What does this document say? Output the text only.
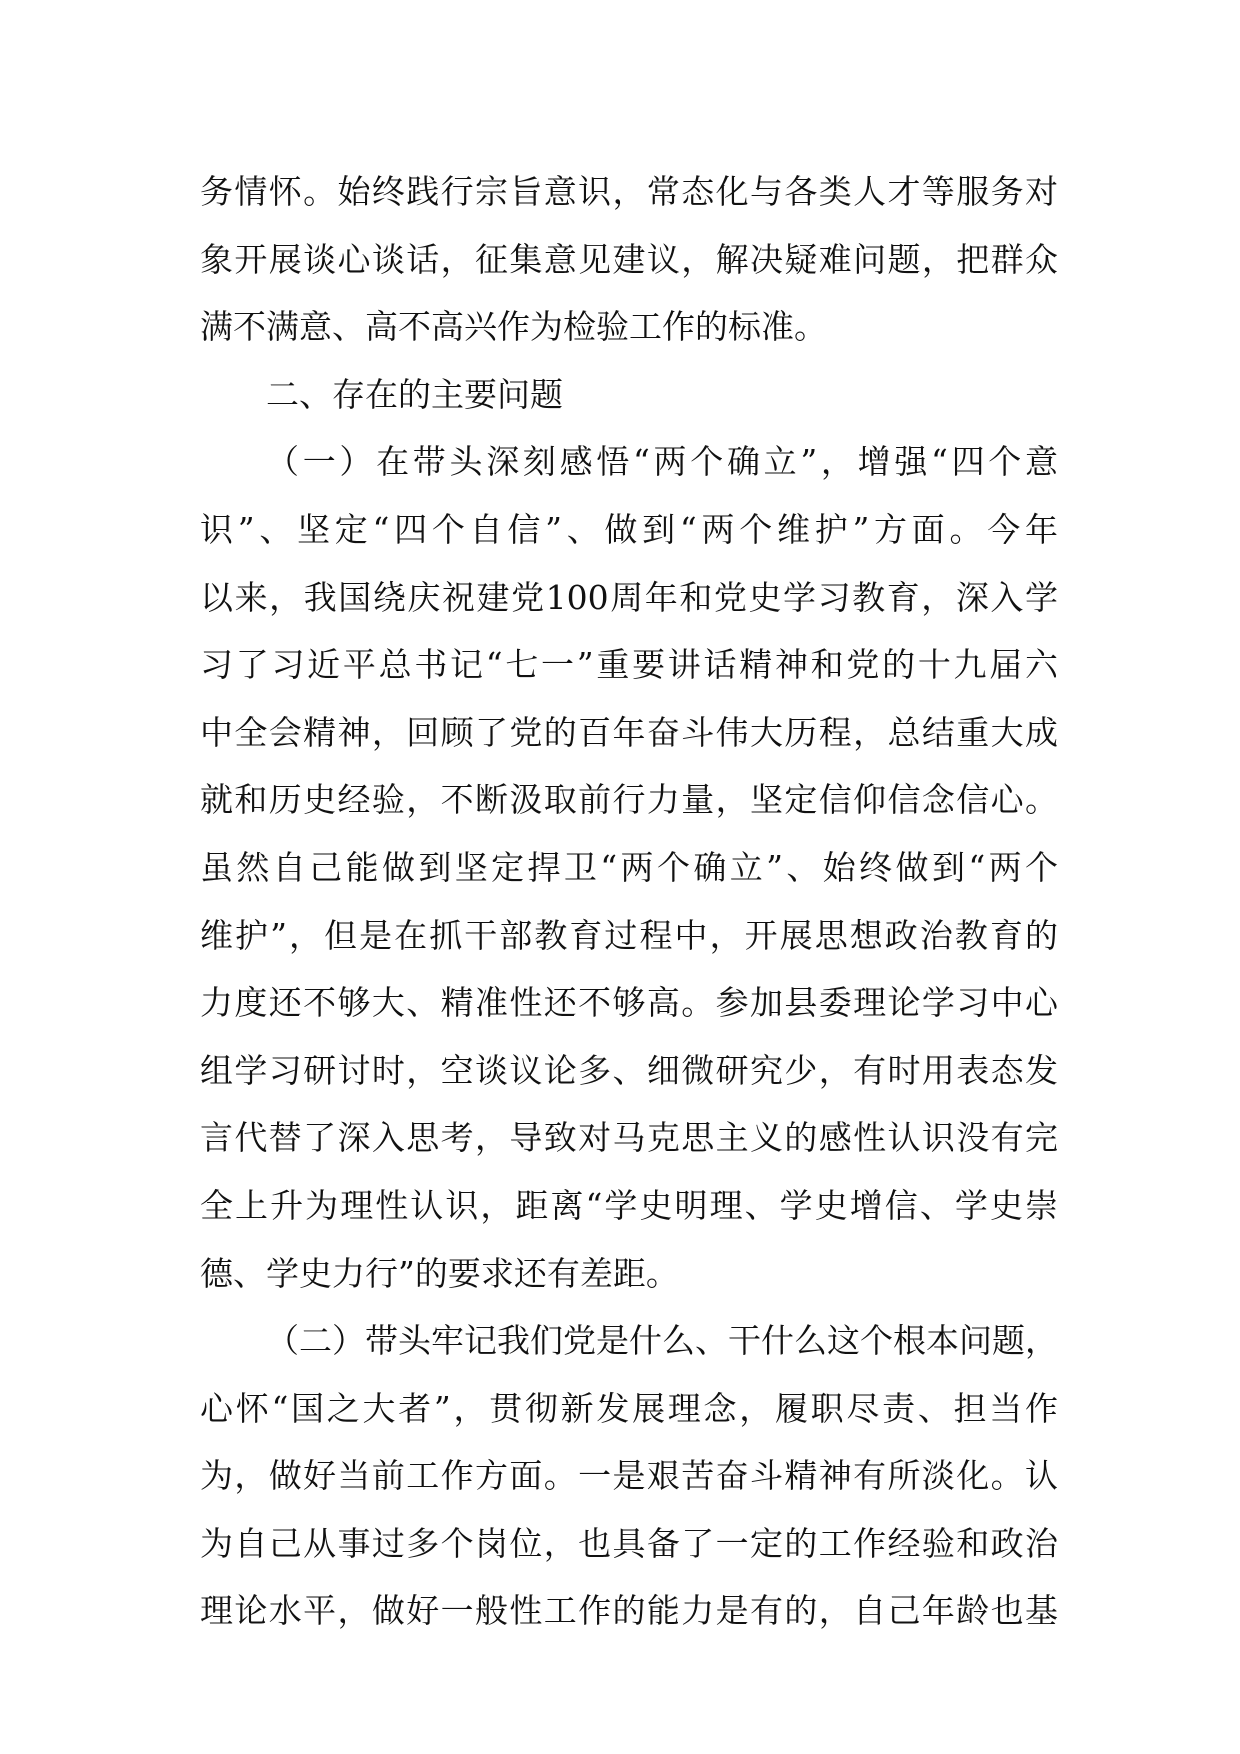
务情怀。始终践行宗旨意识，常态化与各类人才等服务对
象开展谈心谈话，征集意见建议，解决疑难问题，把群众
满不满意、高不高兴作为检验工作的标准。
二、存在的主要问题
（一）在带头深刻感悟“两个确立”，增强“四个意
识”、坚定“四个自信”、做到“两个维护”方面。今年
以来，我国绕庆祝建党100周年和党史学习教育，深入学
习了习近平总书记“七一”重要讲话精神和党的十九届六
中全会精神，回顾了党的百年奋斗伟大历程，总结重大成
就和历史经验，不断汲取前行力量，坚定信仰信念信心。
虽然自己能做到坚定捍卫“两个确立”、始终做到“两个
维护”，但是在抓干部教育过程中，开展思想政治教育的
力度还不够大、精准性还不够高。参加县委理论学习中心
组学习研讨时，空谈议论多、细微研究少，有时用表态发
言代替了深入思考，导致对马克思主义的感性认识没有完
全上升为理性认识，距离“学史明理、学史增信、学史崇
德、学史力行”的要求还有差距。
（二）带头牢记我们党是什么、干什么这个根本问题，
心怀“国之大者”，贯彻新发展理念，履职尽责、担当作
为，做好当前工作方面。一是艰苦奋斗精神有所淡化。认
为自己从事过多个岗位，也具备了一定的工作经验和政治
理论水平，做好一般性工作的能力是有的，自己年龄也基
